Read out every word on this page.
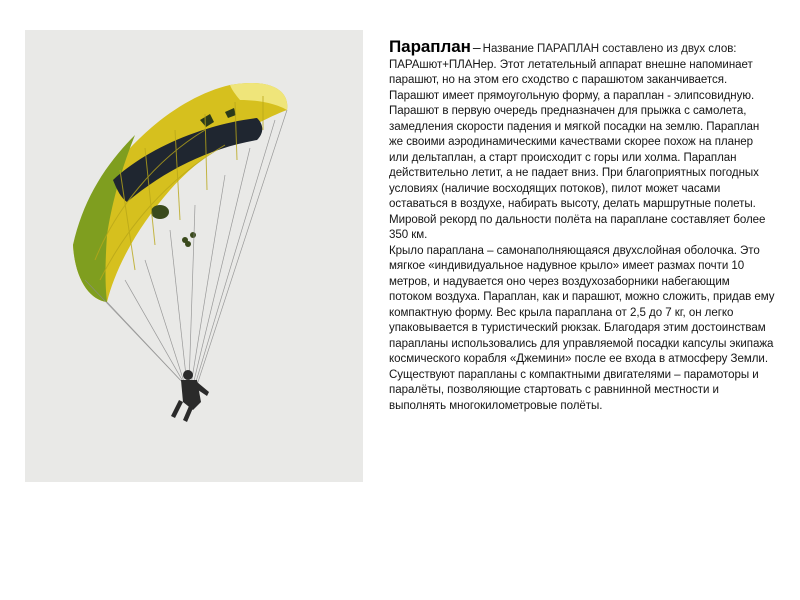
Параплан – Название ПАРАПЛАН составлено из двух слов: ПАРАшют+ПЛАНер. Этот летательный аппарат внешне напоминает парашют, но на этом его сходство с парашютом заканчивается. Парашют имеет прямоугольную форму, а параплан - элипсовидную. Парашют в первую очередь предназначен для прыжка с самолета, замедления скорости падения и мягкой посадки на землю. Параплан же своими аэродинамическими качествами скорее похож на планер или дельтаплан, а старт происходит с горы или холма. Параплан действительно летит, а не падает вниз. При благоприятных погодных условиях (наличие восходящих потоков), пилот может часами оставаться в воздухе, набирать высоту, делать маршрутные полеты. Мировой рекорд по дальности полёта на параплане составляет более 350 км.

Крыло параплана – самонаполняющаяся двухслойная оболочка. Это мягкое «индивидуальное надувное крыло» имеет размах почти 10 метров, и надувается оно через воздухозаборники набегающим потоком воздуха. Параплан, как и парашют, можно сложить, придав ему компактную форму. Вес крыла параплана от 2,5 до 7 кг, он легко упаковывается в туристический рюкзак. Благодаря этим достоинствам парапланы использовались для управляемой посадки капсулы экипажа космического корабля «Джемини» после ее входа в атмосферу Земли. Существуют парапланы с компактными двигателями – парамоторы и паралёты, позволяющие стартовать с равнинной местности и выполнять многокилометровые полёты.
